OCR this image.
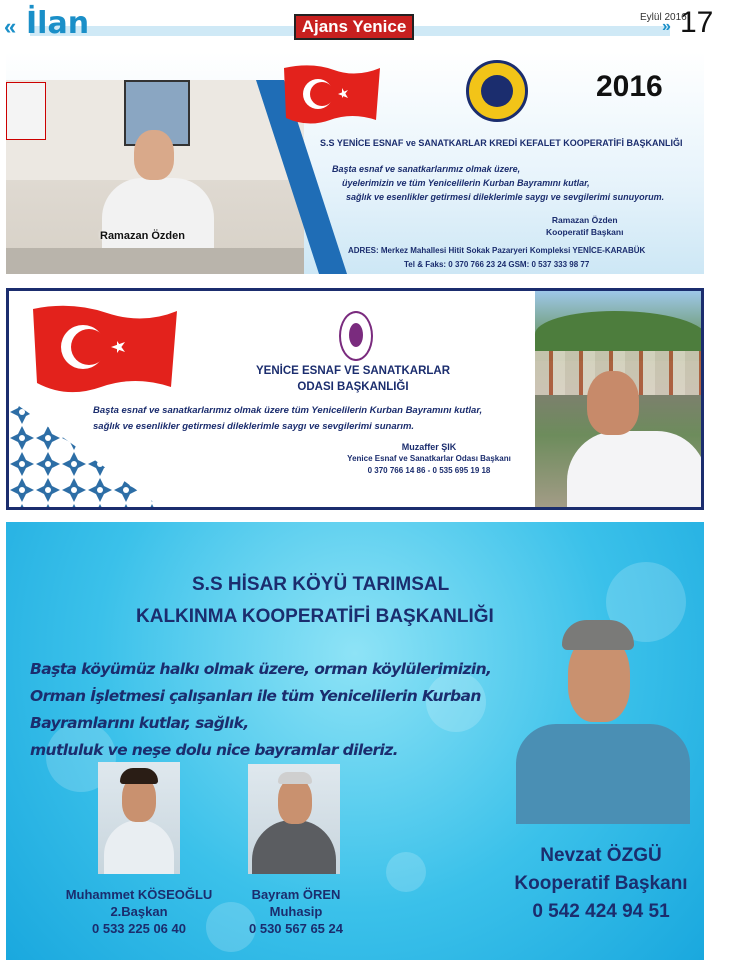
« İlan	Ajans Yenice	Eylül 2016
» 17
Ramazan Özden
2016
S.S YENİCE ESNAF ve SANATKARLAR KREDİ KEFALET KOOPERATİFİ BAŞKANLIĞI
Başta esnaf ve sanatkarlarımız olmak üzere,
üyelerimizin ve tüm Yenicelilerin Kurban Bayramını kutlar,
sağlık ve esenlikler getirmesi dileklerimle saygı ve sevgilerimi sunuyorum.
Ramazan Özden
Kooperatif Başkanı
ADRES: Merkez Mahallesi Hitit Sokak Pazaryeri Kompleksi YENİCE-KARABÜK
Tel & Faks: 0 370 766 23 24 GSM: 0 537 333 98 77
YENİCE ESNAF VE SANATKARLAR
ODASI BAŞKANLIĞI
Başta esnaf ve sanatkarlarımız olmak üzere tüm Yenicelilerin Kurban Bayramını kutlar,
sağlık ve esenlikler getirmesi dileklerimle saygı ve sevgilerimi sunarım.
Muzaffer ŞIK
Yenice Esnaf ve Sanatkarlar Odası Başkanı
0 370 766 14 86 - 0 535 695 19 18
S.S HİSAR KÖYÜ TARIMSAL
KALKINMA KOOPERATİFİ BAŞKANLIĞI
Başta köyümüz halkı olmak üzere, orman köylülerimizin,
Orman İşletmesi çalışanları ile tüm Yenicelilerin Kurban Bayramlarını kutlar, sağlık,
mutluluk ve neşe dolu nice bayramlar dileriz.
Muhammet KÖSEOĞLU
2.Başkan
0 533 225 06 40
Bayram ÖREN
Muhasip
0 530 567 65 24
Nevzat ÖZGÜ
Kooperatif Başkanı
0 542 424 94 51
